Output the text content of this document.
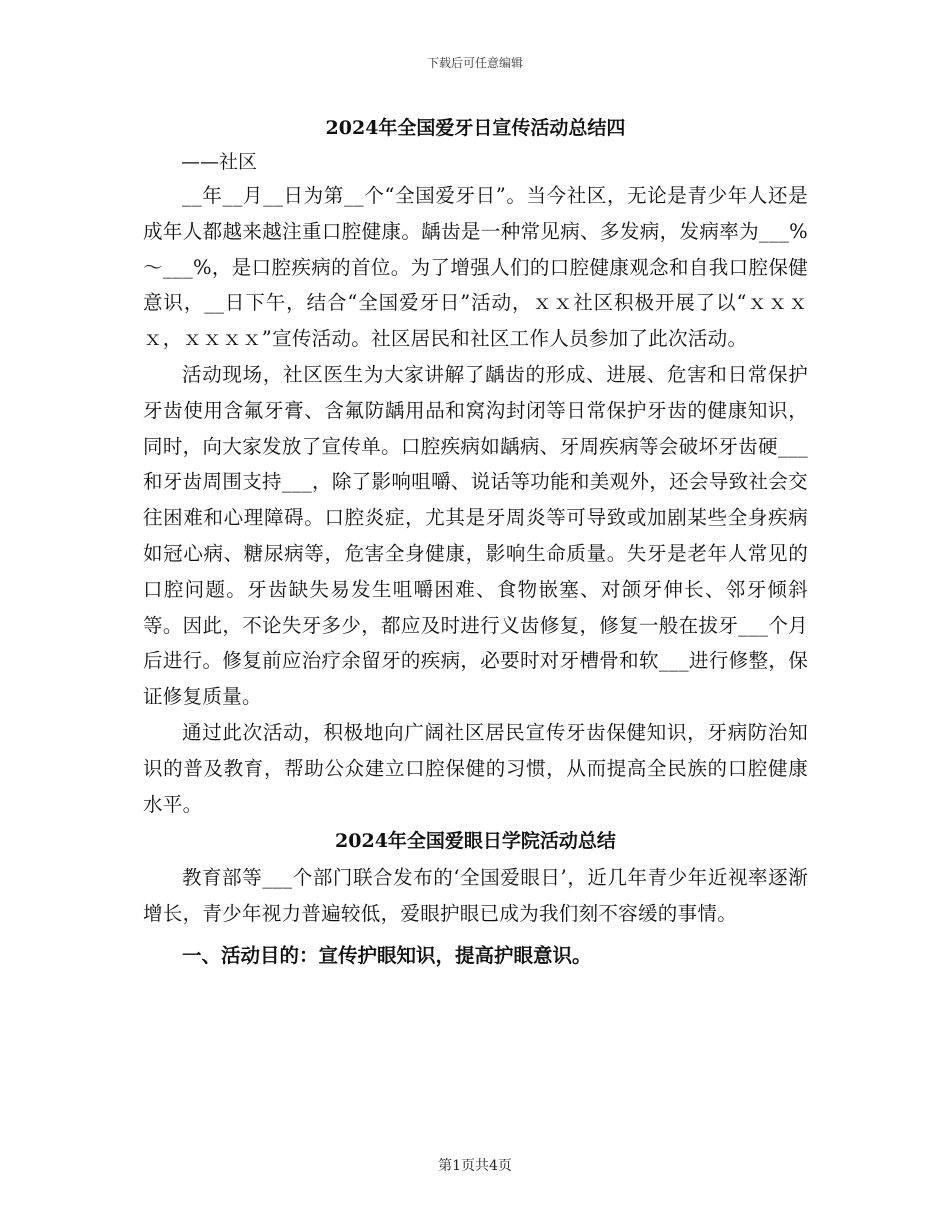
下载后可任意编辑
2024年全国爱牙日宣传活动总结四
——社区

__年__月__日为第__个“全国爱牙日”。当今社区，无论是青少年人还是成年人都越来越注重口腔健康。龋齿是一种常见病、多发病，发病率为___%～___%，是口腔疾病的首位。为了增强人们的口腔健康观念和自我口腔保健意识，__日下午，结合“全国爱牙日”活动，ｘｘ社区积极开展了以“ｘｘｘｘ，ｘｘｘｘ”宣传活动。社区居民和社区工作人员参加了此次活动。

活动现场，社区医生为大家讲解了龋齿的形成、进展、危害和日常保护牙齿使用含氟牙膏、含氟防龋用品和窝沟封闭等日常保护牙齿的健康知识，同时，向大家发放了宣传单。口腔疾病如龋病、牙周疾病等会破坏牙齿硬___和牙齿周围支持___，除了影响咀嚼、说话等功能和美观外，还会导致社会交往困难和心理障碍。口腔炎症，尤其是牙周炎等可导致或加剧某些全身疾病如冠心病、糖尿病等，危害全身健康，影响生命质量。失牙是老年人常见的口腔问题。牙齿缺失易发生咀嚼困难、食物嵌塞、对颌牙伸长、邻牙倾斜等。因此，不论失牙多少，都应及时进行义齿修复，修复一般在拔牙___个月后进行。修复前应治疗余留牙的疾病，必要时对牙槽骨和软___进行修整，保证修复质量。

通过此次活动，积极地向广阔社区居民宣传牙齿保健知识，牙病防治知识的普及教育，帮助公众建立口腔保健的习惯，从而提高全民族的口腔健康水平。

2024年全国爱眼日学院活动总结

教育部等___个部门联合发布的‘全国爱眼日’，近几年青少年近视率逐渐增长，青少年视力普遍较低，爱眼护眼已成为我们刻不容缓的事情。

一、活动目的：宣传护眼知识，提高护眼意识。
第1页共4页
